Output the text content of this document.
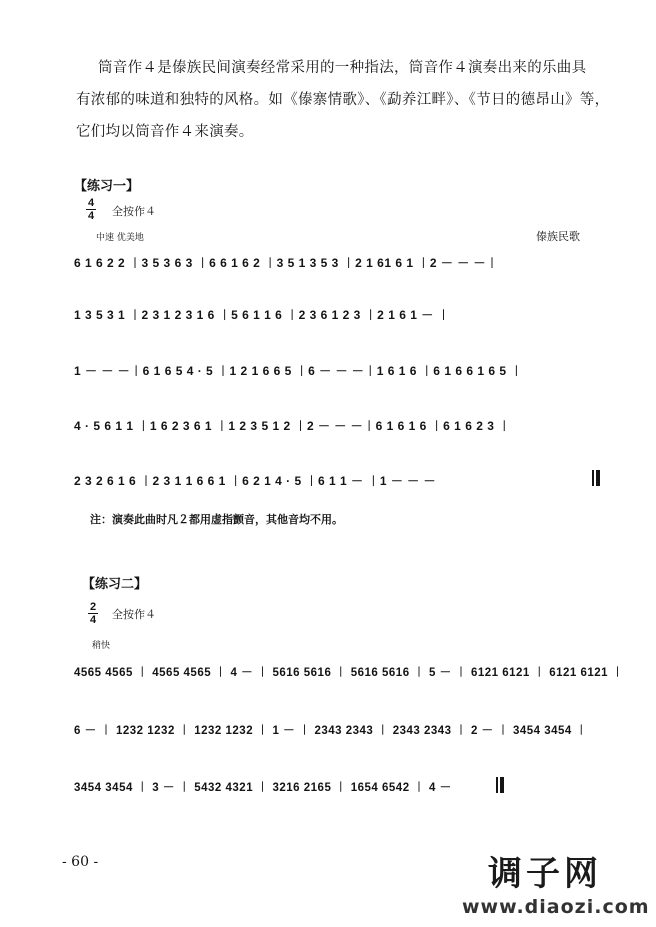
筒音作４是傣族民间演奏经常采用的一种指法，筒音作４演奏出来的乐曲具
有浓郁的味道和独特的风格。如《傣寨情歌》、《勐养江畔》、《节日的德昂山》等，
它们均以筒音作４来演奏。
【练习一】
4
4 全按作４
中速 优美地	傣族民歌
6 1 6 2 2 ︱3 5 3 6 3 ︱6 6 1 6 2 ︱3 5 1 3 5 3 ︱2 1 61 6 1 ︱2 － － －︱
1 3 5 3 1 ︱2 3 1 2 3 1 6 ︱5 6 1 1 6 ︱2 3 6 1 2 3 ︱2 1 6 1 － ︱
1 － － －︱6 1 6 5 4 · 5 ︱1 2 1 6 6 5 ︱6 － － －︱1 6 1 6 ︱6 1 6 6 1 6 5 ︱
4 · 5 6 1 1 ︱1 6 2 3 6 1 ︱1 2 3 5 1 2 ︱2 － － －︱6 1 6 1 6 ︱6 1 6 2 3 ︱
2 3 2 6 1 6 ︱2 3 1 1 6 6 1 ︱6 2 1 4 · 5 ︱6 1 1 － ︱1 － － －
注：演奏此曲时凡２都用虚指颤音，其他音均不用。
【练习二】
2
4 全按作４
稍快
4565 4565 ︱ 4565 4565 ︱ 4 － ︱ 5616 5616 ︱ 5616 5616 ︱ 5 － ︱ 6121 6121 ︱ 6121 6121 ︱
6 － ︱ 1232 1232 ︱ 1232 1232 ︱ 1 － ︱ 2343 2343 ︱ 2343 2343 ︱ 2 － ︱ 3454 3454 ︱
3454 3454 ︱ 3 － ︱ 5432 4321 ︱ 3216 2165 ︱ 1654 6542 ︱ 4 －
- 60 -	调子网
www.diaozi.com
